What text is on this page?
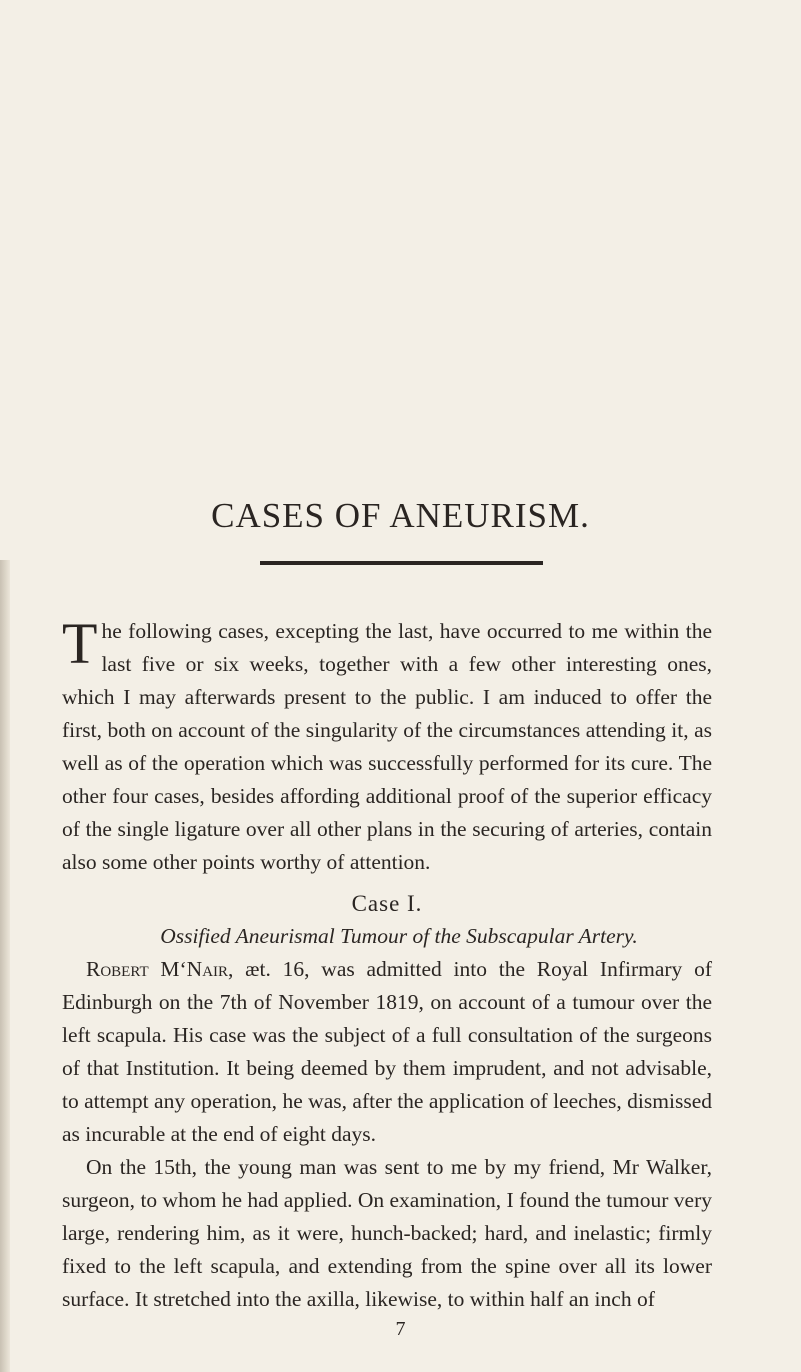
CASES OF ANEURISM.

The following cases, excepting the last, have occurred to me within the last five or six weeks, together with a few other interesting ones, which I may afterwards present to the public. I am induced to offer the first, both on account of the singularity of the circumstances attending it, as well as of the operation which was successfully performed for its cure. The other four cases, besides affording additional proof of the superior efficacy of the single ligature over all other plans in the securing of arteries, contain also some other points worthy of attention.

Case I.

Ossified Aneurismal Tumour of the Subscapular Artery.

Robert M‘Nair, æt. 16, was admitted into the Royal Infirmary of Edinburgh on the 7th of November 1819, on account of a tumour over the left scapula. His case was the subject of a full consultation of the surgeons of that Institution. It being deemed by them imprudent, and not advisable, to attempt any operation, he was, after the application of leeches, dismissed as incurable at the end of eight days.

On the 15th, the young man was sent to me by my friend, Mr Walker, surgeon, to whom he had applied. On examination, I found the tumour very large, rendering him, as it were, hunch-backed; hard, and inelastic; firmly fixed to the left scapula, and extending from the spine over all its lower surface. It stretched into the axilla, likewise, to within half an inch of

7
